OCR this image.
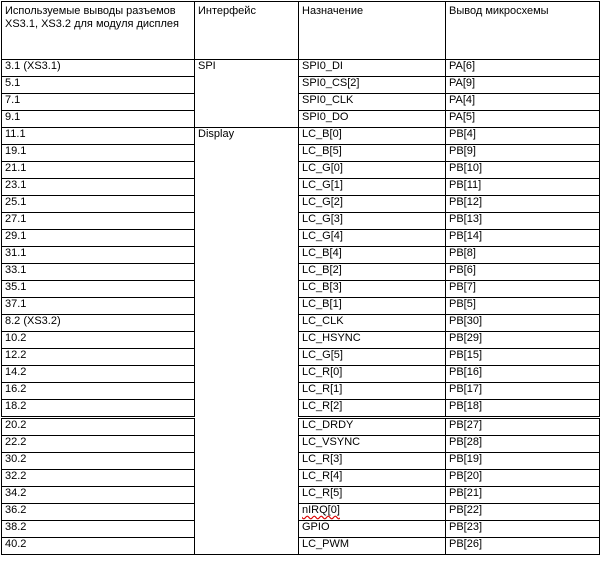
Используемые выводы разъемов XS3.1, XS3.2 для модуля дисплея	Интерфейс	Назначение	Вывод микросхемы
3.1 (XS3.1)	SPI	SPI0_DI	PA[6]
5.1		SPI0_CS[2]	PA[9]
7.1		SPI0_CLK	PA[4]
9.1		SPI0_DO	PA[5]
11.1	Display	LC_B[0]	PB[4]
19.1		LC_B[5]	PB[9]
21.1		LC_G[0]	PB[10]
23.1		LC_G[1]	PB[11]
25.1		LC_G[2]	PB[12]
27.1		LC_G[3]	PB[13]
29.1		LC_G[4]	PB[14]
31.1		LC_B[4]	PB[8]
33.1		LC_B[2]	PB[6]
35.1		LC_B[3]	PB[7]
37.1		LC_B[1]	PB[5]
8.2 (XS3.2)		LC_CLK	PB[30]
10.2		LC_HSYNC	PB[29]
12.2		LC_G[5]	PB[15]
14.2		LC_R[0]	PB[16]
16.2		LC_R[1]	PB[17]
18.2		LC_R[2]	PB[18]
20.2		LC_DRDY	PB[27]
22.2		LC_VSYNC	PB[28]
30.2		LC_R[3]	PB[19]
32.2		LC_R[4]	PB[20]
34.2		LC_R[5]	PB[21]
36.2		nIRQ[0]	PB[22]
38.2		GPIO	PB[23]
40.2		LC_PWM	PB[26]
